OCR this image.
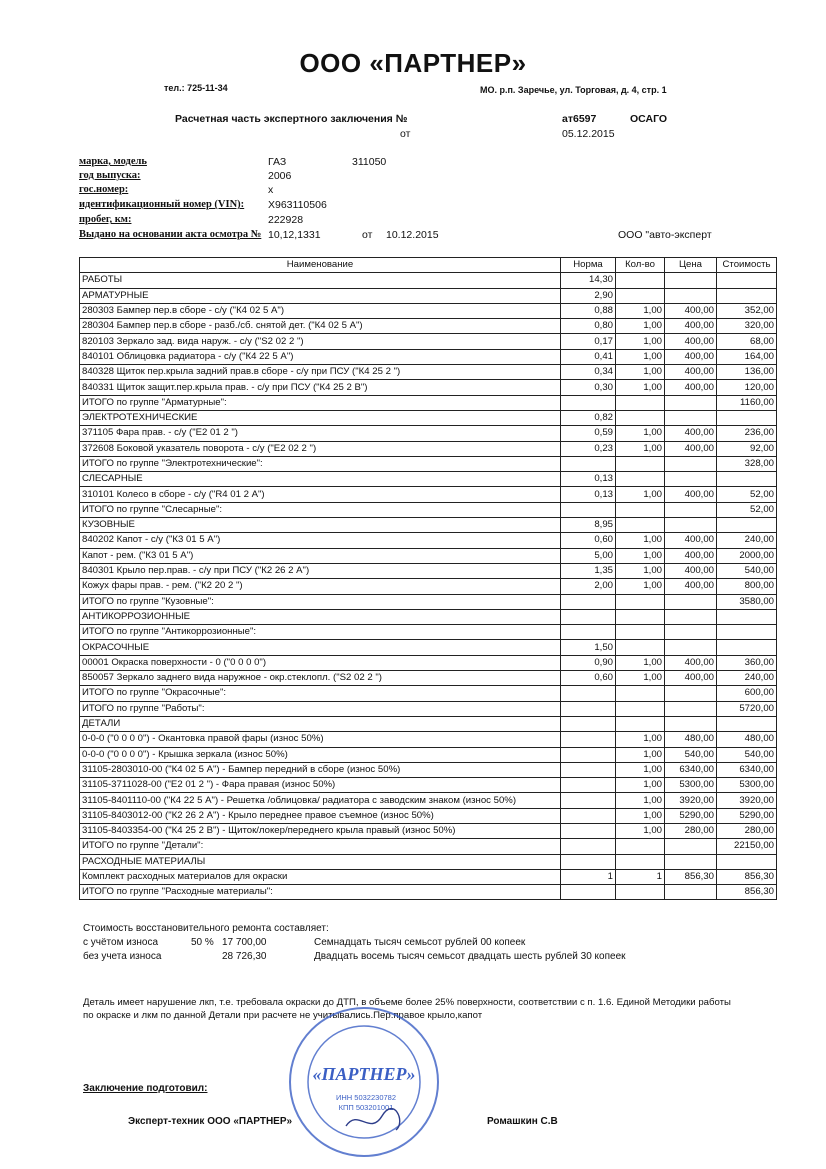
ООО «ПАРТНЕР»
тел.: 725-11-34	МО. р.п. Заречье, ул. Торговая, д. 4, стр. 1
Расчетная часть экспертного заключения №
от
ат6597	ОСАГО
05.12.2015
марка, модель	ГАЗ	311050
год выпуска:	2006
гос.номер:	х
идентификационный номер (VIN): X963110506
пробег, км:	222928
Выдано на основании акта осмотра № 10,12,1331	от 10.12.2015	ООО "авто-эксперт
Наименование	Норма	Кол-во	Цена	Стоимость
РАБОТЫ	14,30			
АРМАТУРНЫЕ	2,90			
280303 Бампер пер.в сборе - с/у ("К4 02 5 А")	0,88	1,00	400,00	352,00
280304 Бампер пер.в сборе - разб./сб. снятой дет. ("К4 02 5 А")	0,80	1,00	400,00	320,00
820103 Зеркало зад. вида наруж. - с/у ("S2 02 2 ")	0,17	1,00	400,00	68,00
840101 Облицовка радиатора - с/у ("К4 22 5 А")	0,41	1,00	400,00	164,00
840328 Щиток пер.крыла задний прав.в сборе - с/у при ПСУ ("К4 25 2 ")	0,34	1,00	400,00	136,00
840331 Щиток защит.пер.крыла прав. - с/у при ПСУ ("К4 25 2 В")	0,30	1,00	400,00	120,00
ИТОГО по группе "Арматурные":				1160,00
ЭЛЕКТРОТЕХНИЧЕСКИЕ	0,82			
371105 Фара прав. - с/у ("Е2 01 2 ")	0,59	1,00	400,00	236,00
372608 Боковой указатель поворота - с/у ("Е2 02 2 ")	0,23	1,00	400,00	92,00
ИТОГО по группе "Электротехнические":				328,00
СЛЕСАРНЫЕ	0,13			
310101 Колесо в сборе - с/у ("R4 01 2 А")	0,13	1,00	400,00	52,00
ИТОГО по группе "Слесарные":				52,00
КУЗОВНЫЕ	8,95			
840202 Капот - с/у ("К3 01 5 А")	0,60	1,00	400,00	240,00
Капот - рем. ("К3 01 5 А")	5,00	1,00	400,00	2000,00
840301 Крыло пер.прав. - с/у при ПСУ ("К2 26 2 А")	1,35	1,00	400,00	540,00
Кожух фары прав. - рем. ("К2 20 2 ")	2,00	1,00	400,00	800,00
ИТОГО по группе "Кузовные":				3580,00
АНТИКОРРОЗИОННЫЕ				
ИТОГО по группе "Антикоррозионные":				
ОКРАСОЧНЫЕ	1,50			
00001 Окраска поверхности - 0 ("0 0 0 0")	0,90	1,00	400,00	360,00
850057 Зеркало заднего вида наружное - окр.стеклопл. ("S2 02 2 ")	0,60	1,00	400,00	240,00
ИТОГО по группе "Окрасочные":				600,00
ИТОГО по группе "Работы":				5720,00
ДЕТАЛИ				
0-0-0 ("0 0 0 0") - Окантовка правой фары (износ 50%)		1,00	480,00	480,00
0-0-0 ("0 0 0 0") - Крышка зеркала (износ 50%)		1,00	540,00	540,00
31105-2803010-00 ("К4 02 5 А") - Бампер передний в сборе (износ 50%)		1,00	6340,00	6340,00
31105-3711028-00 ("Е2 01 2 ") - Фара правая (износ 50%)		1,00	5300,00	5300,00
31105-8401110-00 ("К4 22 5 А") - Решетка /облицовка/ радиатора с заводским знаком (износ 50%)		1,00	3920,00	3920,00
31105-8403012-00 ("К2 26 2 А") - Крыло переднее правое съемное (износ 50%)		1,00	5290,00	5290,00
31105-8403354-00 ("К4 25 2 В") - Щиток/локер/переднего крыла правый (износ 50%)		1,00	280,00	280,00
ИТОГО по группе "Детали":				22150,00
РАСХОДНЫЕ МАТЕРИАЛЫ				
Комплект расходных материалов для окраски	1	1	856,30	856,30
ИТОГО по группе "Расходные материалы":				856,30
Стоимость восстановительного ремонта составляет:
с учётом износа	50 % 17 700,00	Семнадцать тысяч семьсот рублей 00 копеек
без учета износа	28 726,30	Двадцать восемь тысяч семьсот двадцать шесть рублей 30 копеек
Деталь имеет нарушение лкп, т.е. требовала окраски до ДТП, в объеме более 25% поверхности, соответствии с п. 1.6. Единой Методики работы
по окраске и лкм по данной Детали при расчете не учитывались.Пер.правое крыло,капот
Заключение подготовил:
Эксперт-техник ООО «ПАРТНЕР»	Ромашкин С.В
«ПАРТНЕР»
ИНН 5032230782
КПП 503201001
